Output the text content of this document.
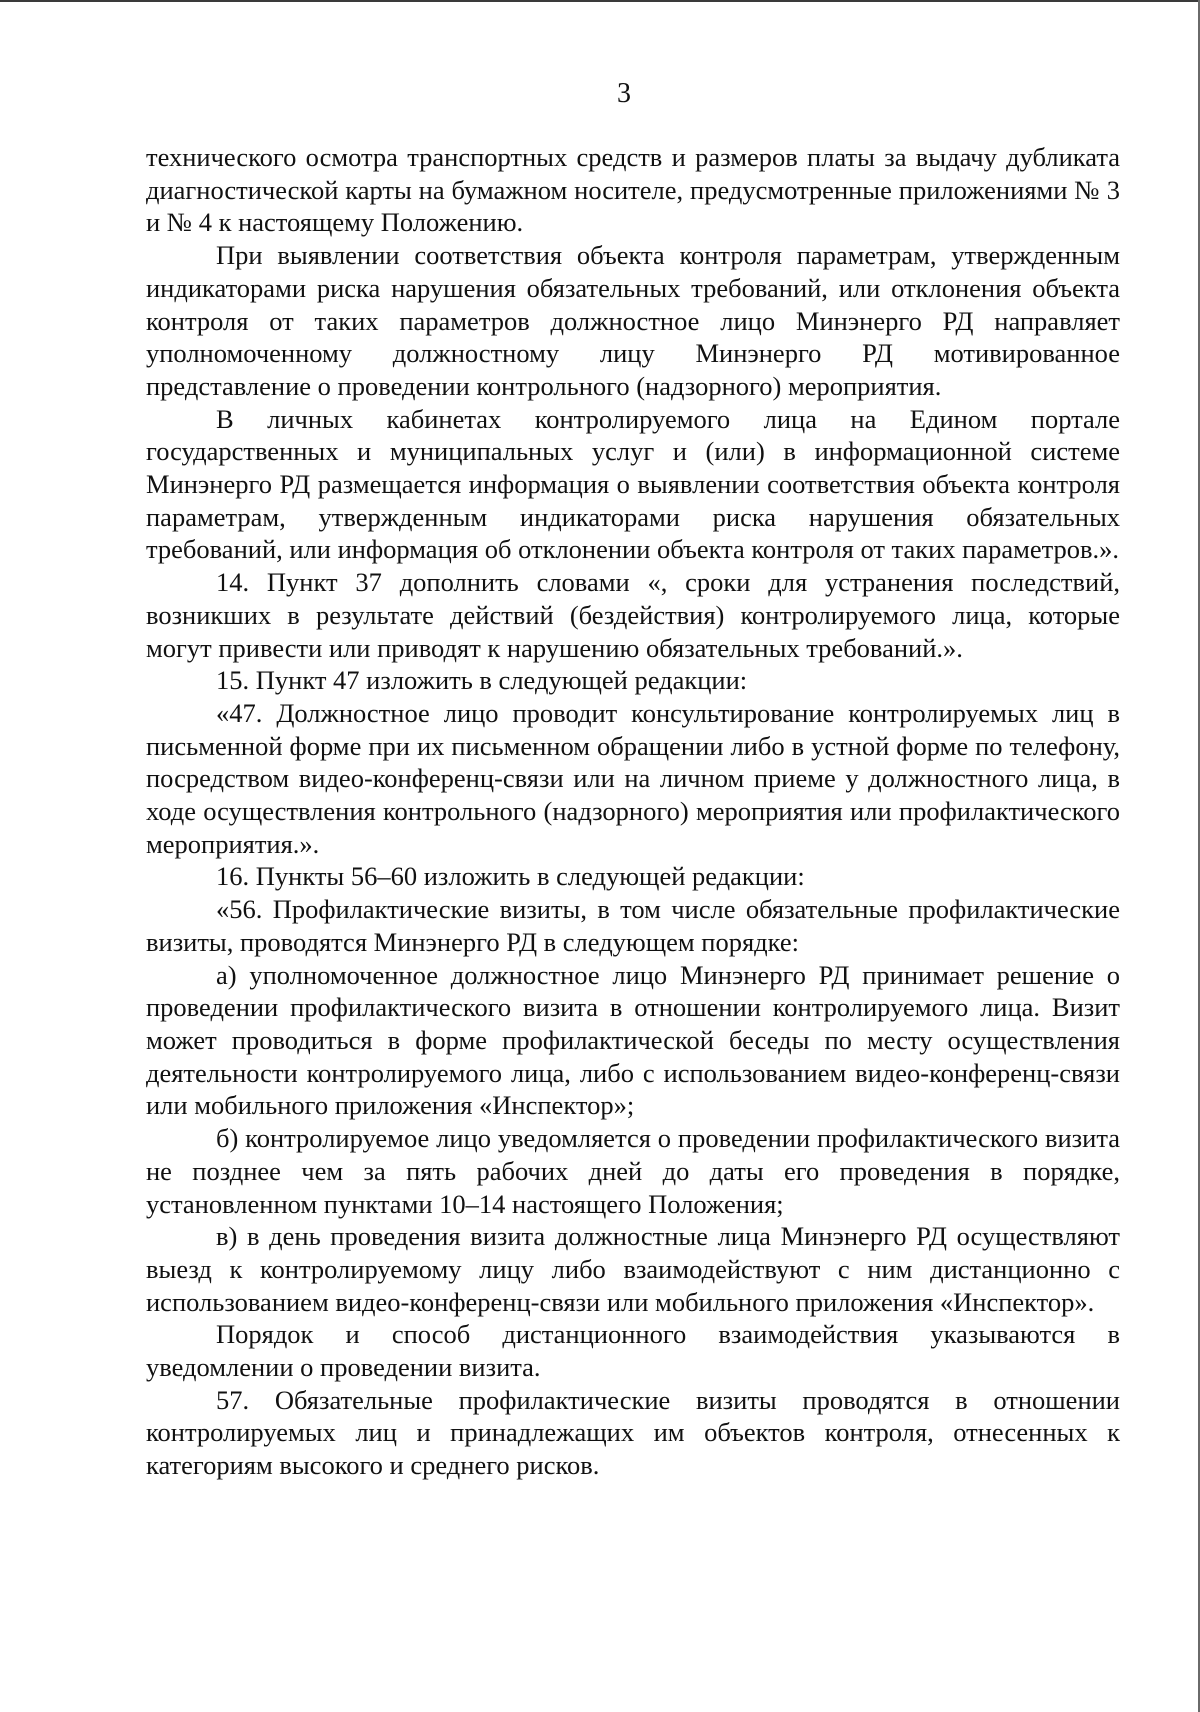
3

технического осмотра транспортных средств и размеров платы за выдачу дубликата диагностической карты на бумажном носителе, предусмотренные приложениями № 3 и № 4 к настоящему Положению.

При выявлении соответствия объекта контроля параметрам, утвержденным индикаторами риска нарушения обязательных требований, или отклонения объекта контроля от таких параметров должностное лицо Минэнерго РД направляет уполномоченному должностному лицу Минэнерго РД мотивированное представление о проведении контрольного (надзорного) мероприятия.

В личных кабинетах контролируемого лица на Едином портале государственных и муниципальных услуг и (или) в информационной системе Минэнерго РД размещается информация о выявлении соответствия объекта контроля параметрам, утвержденным индикаторами риска нарушения обязательных требований, или информация об отклонении объекта контроля от таких параметров.».

14. Пункт 37 дополнить словами «, сроки для устранения последствий, возникших в результате действий (бездействия) контролируемого лица, которые могут привести или приводят к нарушению обязательных требований.».

15. Пункт 47 изложить в следующей редакции:

«47. Должностное лицо проводит консультирование контролируемых лиц в письменной форме при их письменном обращении либо в устной форме по телефону, посредством видео-конференц-связи или на личном приеме у должностного лица, в ходе осуществления контрольного (надзорного) мероприятия или профилактического мероприятия.».

16. Пункты 56–60 изложить в следующей редакции:

«56. Профилактические визиты, в том числе обязательные профилактические визиты, проводятся Минэнерго РД в следующем порядке:

а) уполномоченное должностное лицо Минэнерго РД принимает решение о проведении профилактического визита в отношении контролируемого лица. Визит может проводиться в форме профилактической беседы по месту осуществления деятельности контролируемого лица, либо с использованием видео-конференц-связи или мобильного приложения «Инспектор»;

б) контролируемое лицо уведомляется о проведении профилактического визита не позднее чем за пять рабочих дней до даты его проведения в порядке, установленном пунктами 10–14 настоящего Положения;

в) в день проведения визита должностные лица Минэнерго РД осуществляют выезд к контролируемому лицу либо взаимодействуют с ним дистанционно с использованием видео-конференц-связи или мобильного приложения «Инспектор».

Порядок и способ дистанционного взаимодействия указываются в уведомлении о проведении визита.

57. Обязательные профилактические визиты проводятся в отношении контролируемых лиц и принадлежащих им объектов контроля, отнесенных к категориям высокого и среднего рисков.
